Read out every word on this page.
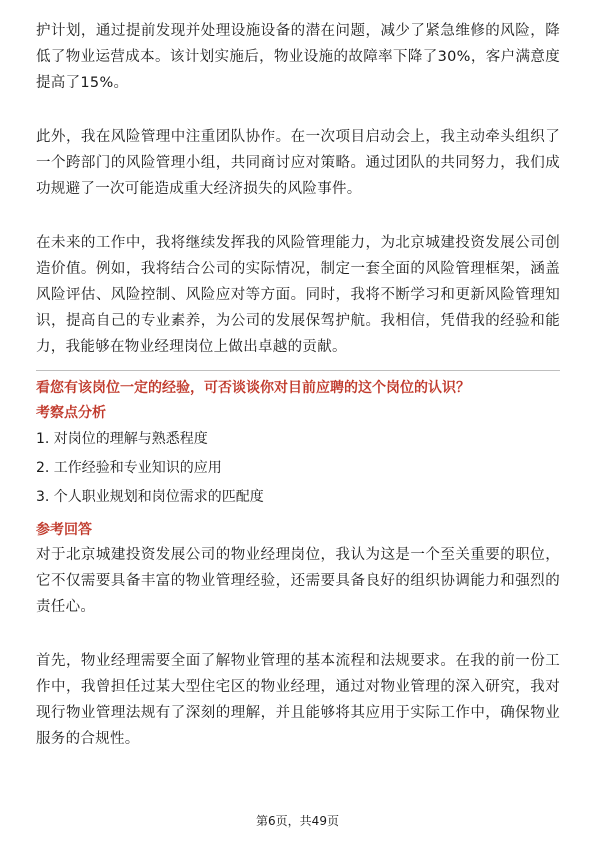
护计划，通过提前发现并处理设施设备的潜在问题，减少了紧急维修的风险，降低了物业运营成本。该计划实施后，物业设施的故障率下降了30%，客户满意度提高了15%。

此外，我在风险管理中注重团队协作。在一次项目启动会上，我主动牵头组织了一个跨部门的风险管理小组，共同商讨应对策略。通过团队的共同努力，我们成功规避了一次可能造成重大经济损失的风险事件。

在未来的工作中，我将继续发挥我的风险管理能力，为北京城建投资发展公司创造价值。例如，我将结合公司的实际情况，制定一套全面的风险管理框架，涵盖风险评估、风险控制、风险应对等方面。同时，我将不断学习和更新风险管理知识，提高自己的专业素养，为公司的发展保驾护航。我相信，凭借我的经验和能力，我能够在物业经理岗位上做出卓越的贡献。

看您有该岗位一定的经验，可否谈谈你对目前应聘的这个岗位的认识？

考察点分析

1. 对岗位的理解与熟悉程度
2. 工作经验和专业知识的应用
3. 个人职业规划和岗位需求的匹配度

参考回答

对于北京城建投资发展公司的物业经理岗位，我认为这是一个至关重要的职位，它不仅需要具备丰富的物业管理经验，还需要具备良好的组织协调能力和强烈的责任心。

首先，物业经理需要全面了解物业管理的基本流程和法规要求。在我的前一份工作中，我曾担任过某大型住宅区的物业经理，通过对物业管理的深入研究，我对现行物业管理法规有了深刻的理解，并且能够将其应用于实际工作中，确保物业服务的合规性。

第6页，共49页
